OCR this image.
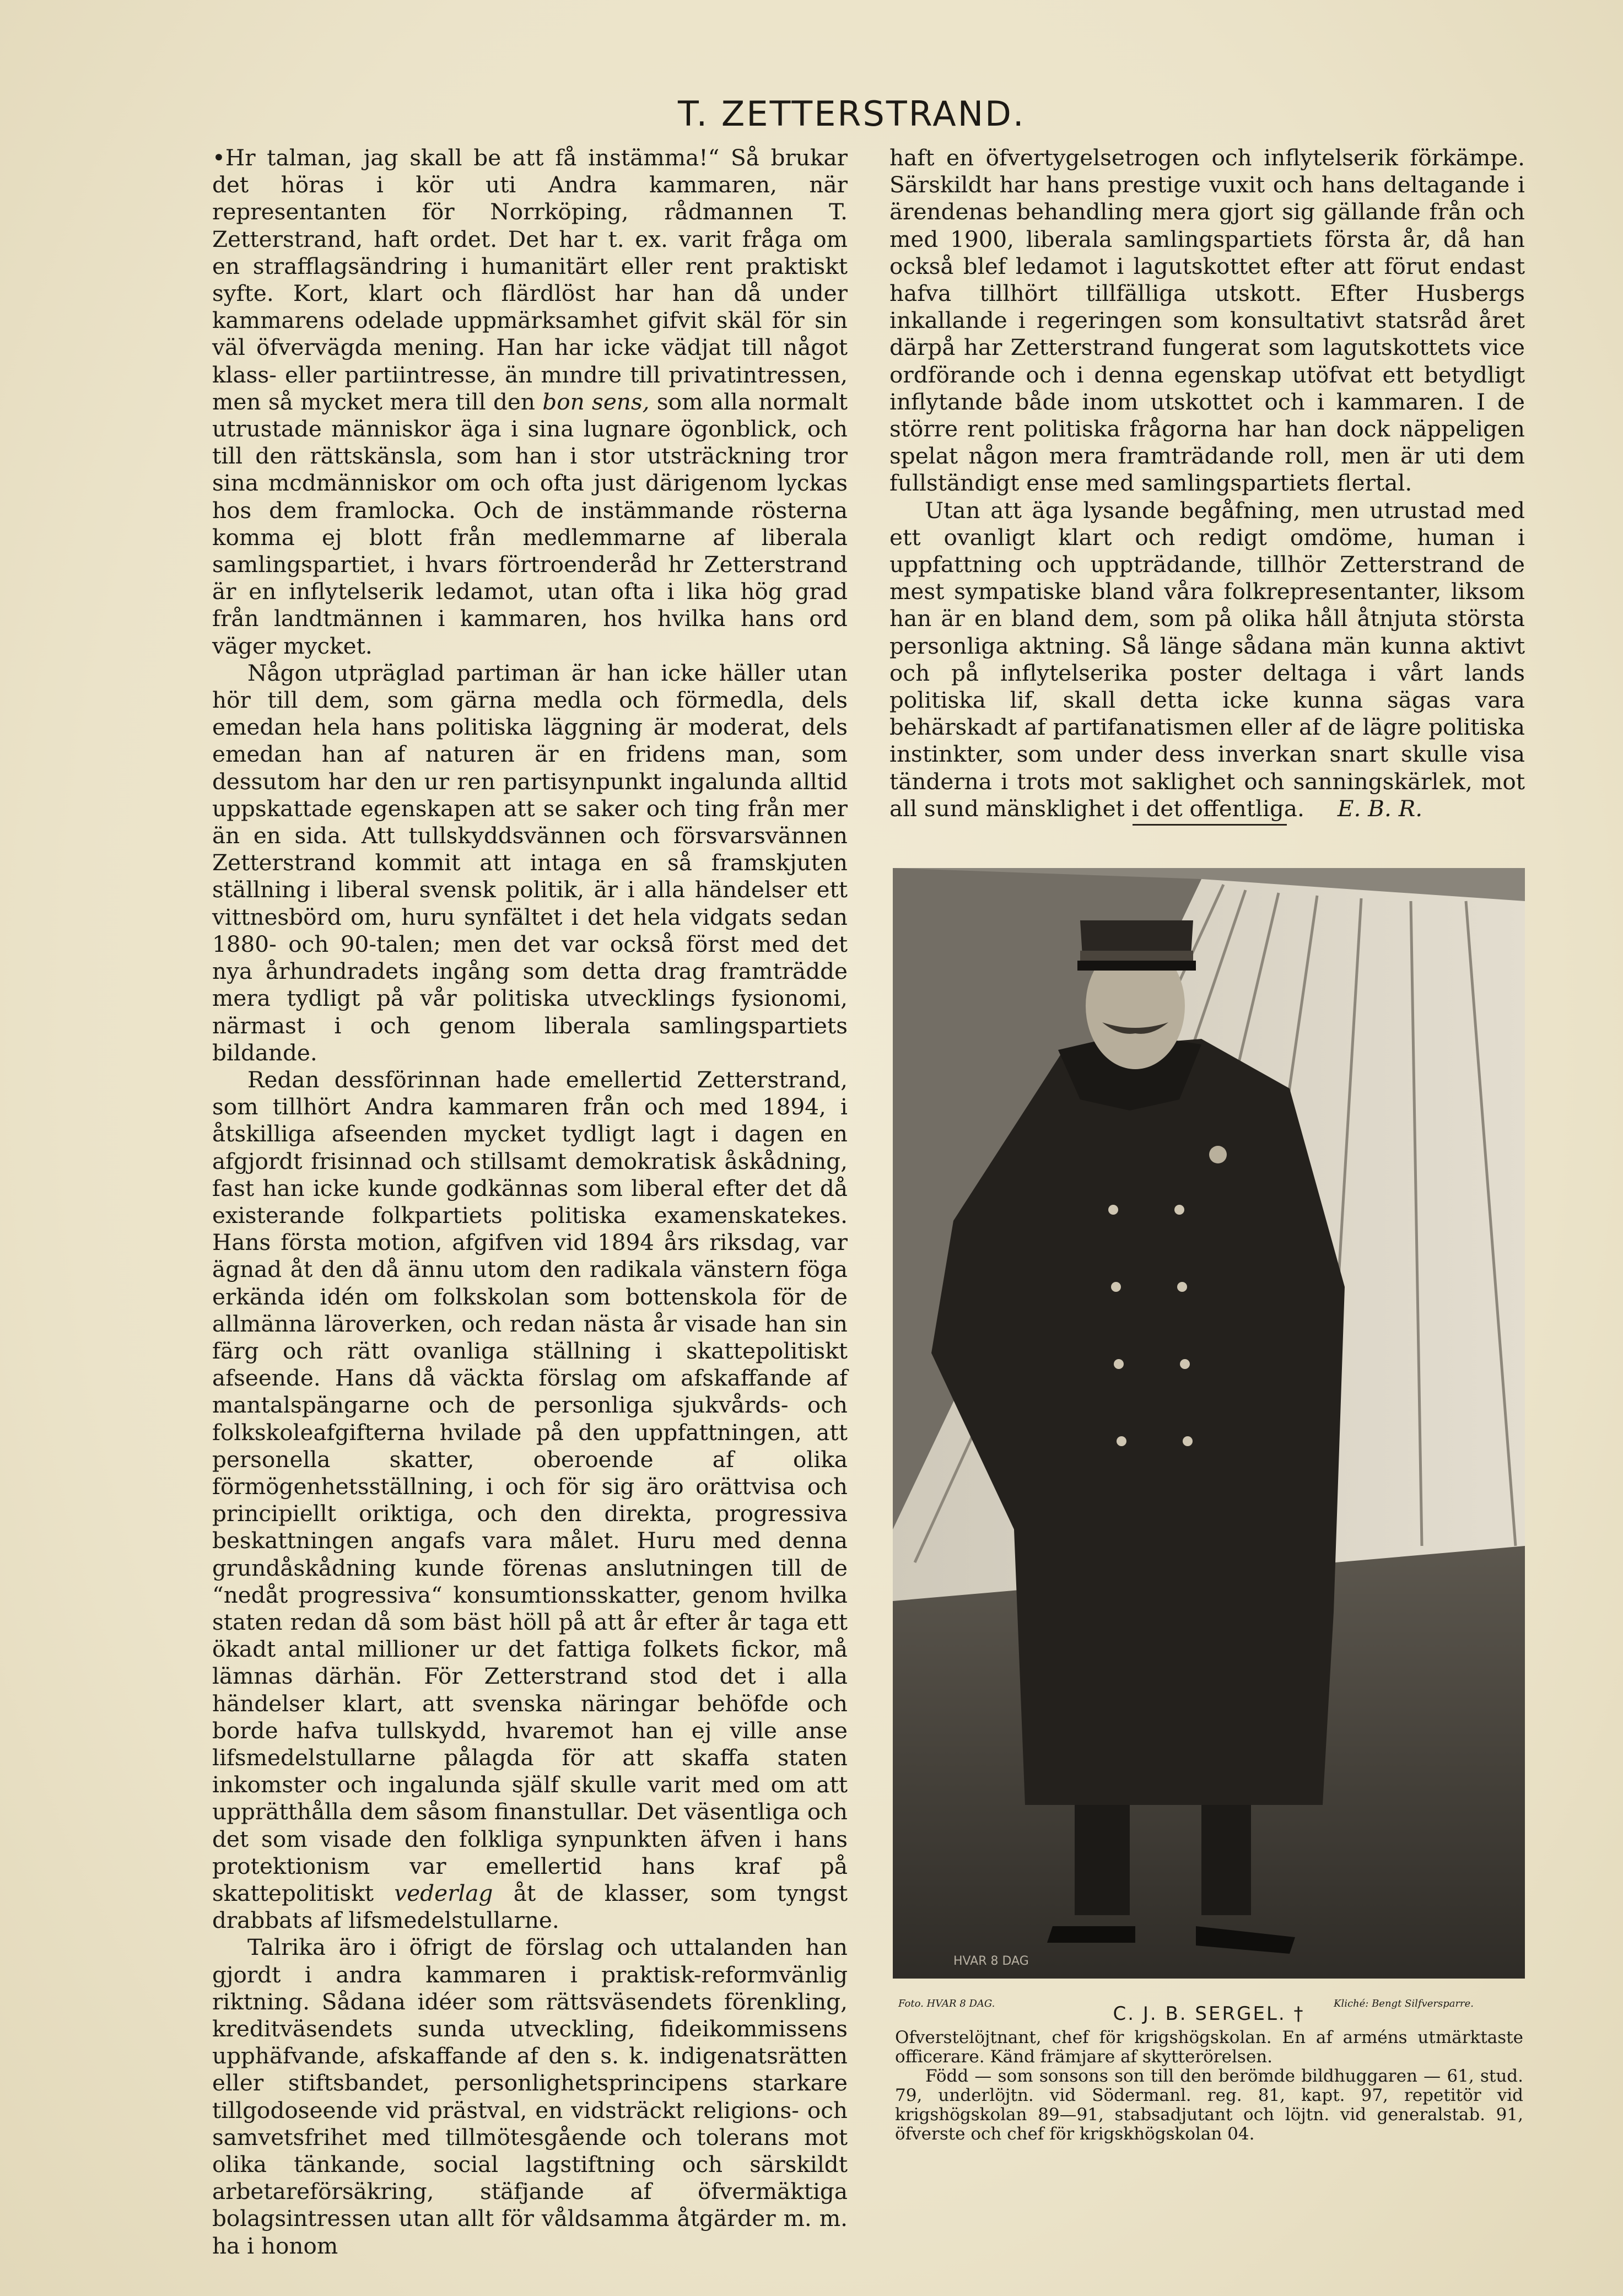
T. ZETTERSTRAND.

•Hr talman, jag skall be att få instämma!“ Så brukar det höras i kör uti Andra kammaren, när representanten för Norrköping, rådmannen T. Zetterstrand, haft ordet. Det har t. ex. varit fråga om en strafflagsändring i humanitärt eller rent praktiskt syfte. Kort, klart och flärdlöst har han då under kammarens odelade uppmärksamhet gifvit skäl för sin väl öfvervägda mening. Han har icke vädjat till något klass- eller partiintresse, än mındre till privatintressen, men så mycket mera till den bon sens, som alla normalt utrustade människor äga i sina lugnare ögonblick, och till den rättskänsla, som han i stor utsträckning tror sina mcdmänniskor om och ofta just därigenom lyckas hos dem framlocka. Och de instämmande rösterna komma ej blott från medlemmarne af liberala samlingspartiet, i hvars förtroenderåd hr Zetterstrand är en inflytelserik ledamot, utan ofta i lika hög grad från landtmännen i kammaren, hos hvilka hans ord väger mycket.

Någon utpräglad partiman är han icke häller utan hör till dem, som gärna medla och förmedla, dels emedan hela hans politiska läggning är moderat, dels emedan han af naturen är en fridens man, som dessutom har den ur ren partisynpunkt ingalunda alltid uppskattade egenskapen att se saker och ting från mer än en sida. Att tullskyddsvännen och försvarsvännen Zetterstrand kommit att intaga en så framskjuten ställning i liberal svensk politik, är i alla händelser ett vittnesbörd om, huru synfältet i det hela vidgats sedan 1880- och 90-talen; men det var också först med det nya århundradets ingång som detta drag framträdde mera tydligt på vår politiska utvecklings fysionomi, närmast i och genom liberala samlingspartiets bildande.

Redan dessförinnan hade emellertid Zetterstrand, som tillhört Andra kammaren från och med 1894, i åtskilliga afseenden mycket tydligt lagt i dagen en afgjordt frisinnad och stillsamt demokratisk åskådning, fast han icke kunde godkännas som liberal efter det då existerande folkpartiets politiska examenskatekes. Hans första motion, afgifven vid 1894 års riksdag, var ägnad åt den då ännu utom den radikala vänstern föga erkända idén om folkskolan som bottenskola för de allmänna läroverken, och redan nästa år visade han sin färg och rätt ovanliga ställning i skattepolitiskt afseende. Hans då väckta förslag om afskaffande af mantalspängarne och de personliga sjukvårds- och folkskoleafgifterna hvilade på den uppfattningen, att personella skatter, oberoende af olika förmögenhetsställning, i och för sig äro orättvisa och principiellt oriktiga, och den direkta, progressiva beskattningen angafs vara målet. Huru med denna grundåskådning kunde förenas anslutningen till de “nedåt progressiva“ konsumtionsskatter, genom hvilka staten redan då som bäst höll på att år efter år taga ett ökadt antal millioner ur det fattiga folkets fickor, må lämnas därhän. För Zetterstrand stod det i alla händelser klart, att svenska näringar behöfde och borde hafva tullskydd, hvaremot han ej ville anse lifsmedelstullarne pålagda för att skaffa staten inkomster och ingalunda själf skulle varit med om att upprätthålla dem såsom finanstullar. Det väsentliga och det som visade den folkliga synpunkten äfven i hans protektionism var emellertid hans kraf på skattepolitiskt vederlag åt de klasser, som tyngst drabbats af lifsmedelstullarne.

Talrika äro i öfrigt de förslag och uttalanden han gjordt i andra kammaren i praktisk-reformvänlig riktning. Sådana idéer som rättsväsendets förenkling, kreditväsendets sunda utveckling, fideikommissens upphäfvande, afskaffande af den s. k. indigenatsrätten eller stiftsbandet, personlighetsprincipens starkare tillgodoseende vid prästval, en vidsträckt religions- och samvetsfrihet med tillmötesgående och tolerans mot olika tänkande, social lagstiftning och särskildt arbetareförsäkring, stäfjande af öfvermäktiga bolagsintressen utan allt för våldsamma åtgärder m. m. ha i honom

haft en öfvertygelsetrogen och inflytelserik förkämpe. Särskildt har hans prestige vuxit och hans deltagande i ärendenas behandling mera gjort sig gällande från och med 1900, liberala samlingspartiets första år, då han också blef ledamot i lagutskottet efter att förut endast hafva tillhört tillfälliga utskott. Efter Husbergs inkallande i regeringen som konsultativt statsråd året därpå har Zetterstrand fungerat som lagutskottets vice ordförande och i denna egenskap utöfvat ett betydligt inflytande både inom utskottet och i kammaren. I de större rent politiska frågorna har han dock näppeligen spelat någon mera framträdande roll, men är uti dem fullständigt ense med samlingspartiets flertal.

Utan att äga lysande begåfning, men utrustad med ett ovanligt klart och redigt omdöme, human i uppfattning och uppträdande, tillhör Zetterstrand de mest sympatiske bland våra folkrepresentanter, liksom han är en bland dem, som på olika håll åtnjuta största personliga aktning. Så länge sådana män kunna aktivt och på inflytelserika poster deltaga i vårt lands politiska lif, skall detta icke kunna sägas vara behärskadt af partifanatismen eller af de lägre politiska instinkter, som under dess inverkan snart skulle visa tänderna i trots mot saklighet och sanningskärlek, mot all sund mänsklighet i det offentliga. E. B. R.

HVAR 8 DAG
Foto. HVAR 8 DAG.	Kliché: Bengt Silfversparre.
C. J. B. SERGEL. †

Ofverstelöjtnant, chef för krigshögskolan. En af arméns utmärktaste officerare. Känd främjare af skytterörelsen.

Född — som sonsons son till den berömde bildhuggaren — 61, stud. 79, underlöjtn. vid Södermanl. reg. 81, kapt. 97, repetitör vid krigshögskolan 89—91, stabsadjutant och löjtn. vid generalstab. 91, öfverste och chef för krigskhögskolan 04.
